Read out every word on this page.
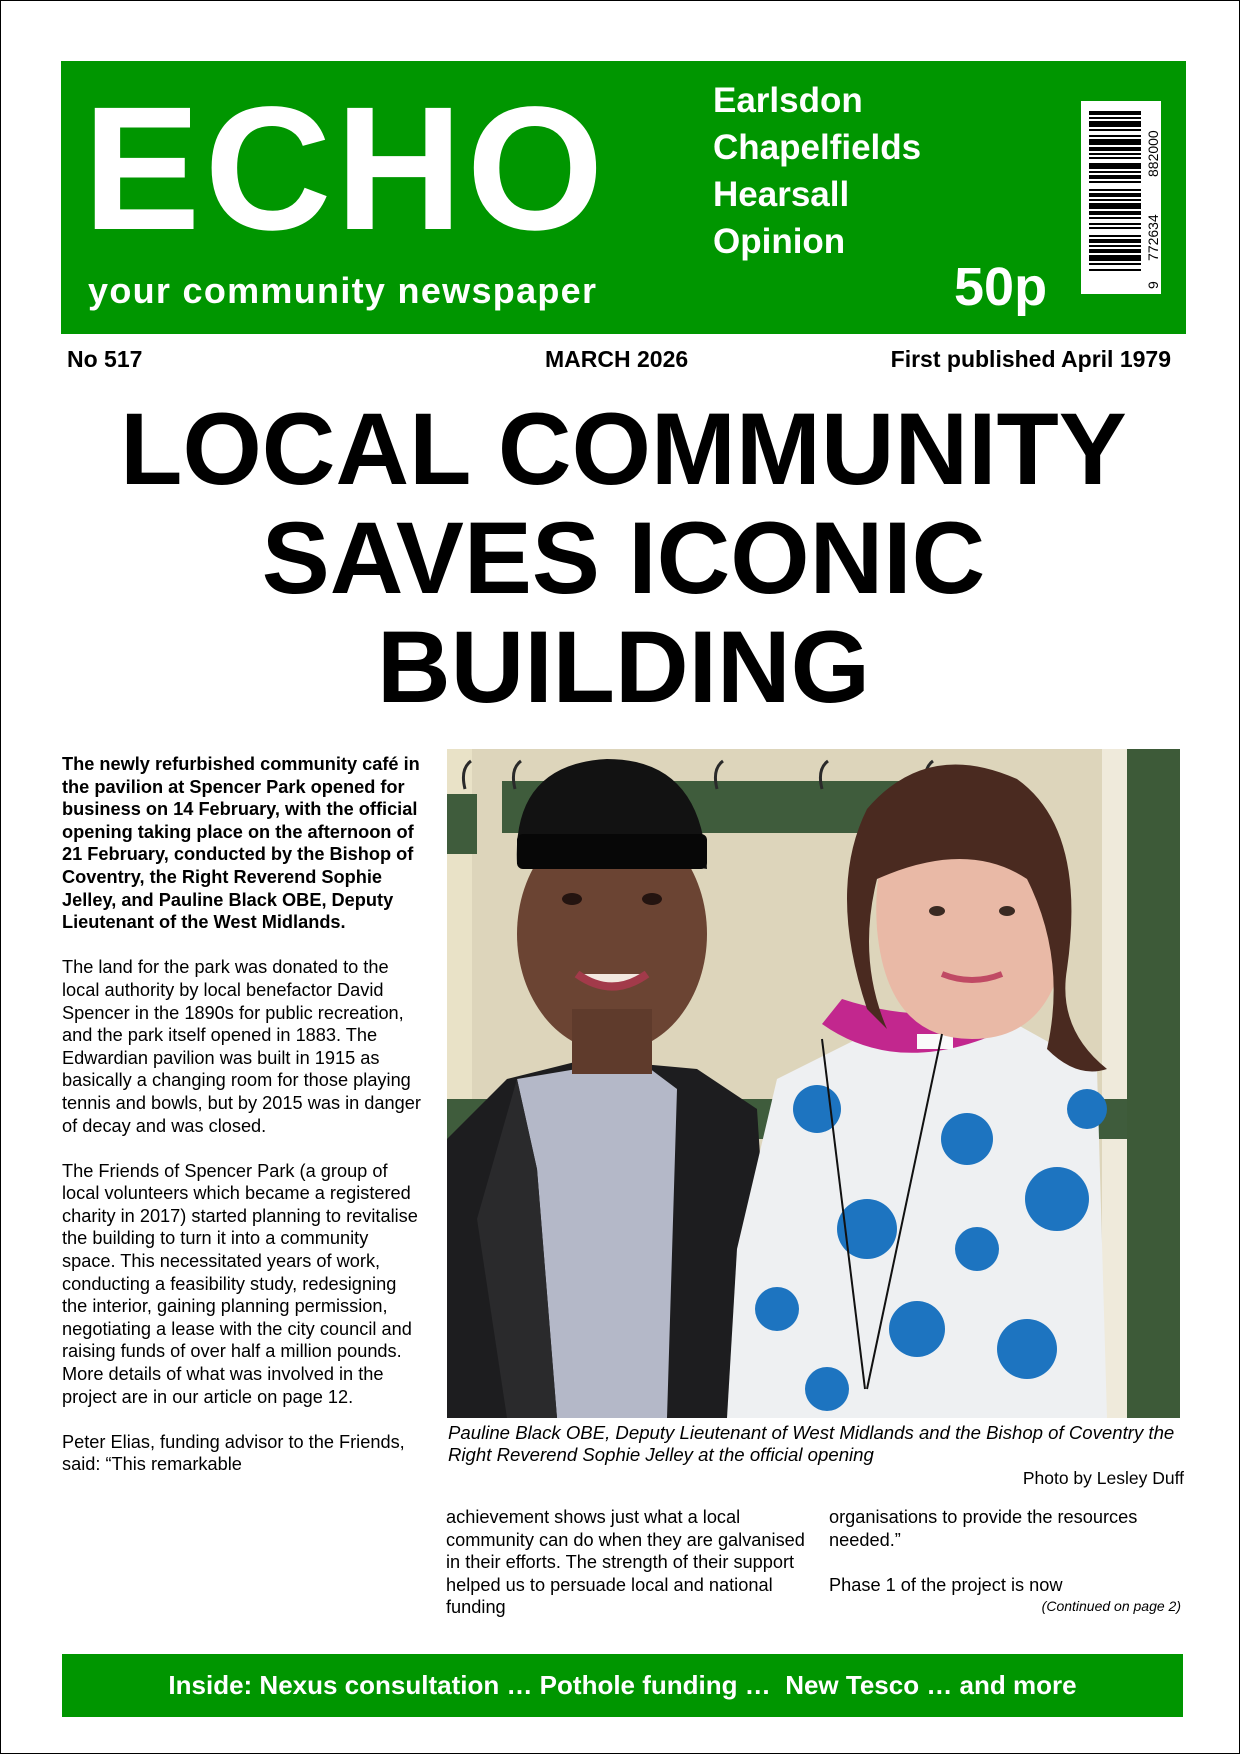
ECHO
your community newspaper
Earlsdon
Chapelfields
Hearsall
Opinion
50p	9
772634
882000
No 517	MARCH 2026	First published April 1979
LOCAL COMMUNITY
SAVES ICONIC
BUILDING

The newly refurbished community café in the pavilion at Spencer Park opened for business on 14 February, with the official opening taking place on the afternoon of 21 February, conducted by the Bishop of Coventry, the Right Reverend Sophie Jelley, and Pauline Black OBE, Deputy Lieutenant of the West Midlands.

The land for the park was donated to the local authority by local benefactor David Spencer in the 1890s for public recreation, and the park itself opened in 1883. The Edwardian pavilion was built in 1915 as basically a changing room for those playing tennis and bowls, but by 2015 was in danger of decay and was closed.

The Friends of Spencer Park (a group of local volunteers which became a registered charity in 2017) started planning to revitalise the building to turn it into a community space. This necessitated years of work, conducting a feasibility study, redesigning the interior, gaining planning permission, negotiating a lease with the city council and raising funds of over half a million pounds. More details of what was involved in the project are in our article on page 12.

Peter Elias, funding advisor to the Friends, said: “This remarkable

Pauline Black OBE, Deputy Lieutenant of West Midlands and the Bishop of Coventry the Right Reverend Sophie Jelley at the official opening
Photo by Lesley Duff

achievement shows just what a local community can do when they are galvanised in their efforts. The strength of their support helped us to persuade local and national funding

organisations to provide the resources needed.”

Phase 1 of the project is now

(Continued on page 2)
Inside: Nexus consultation … Pothole funding …  New Tesco … and more
